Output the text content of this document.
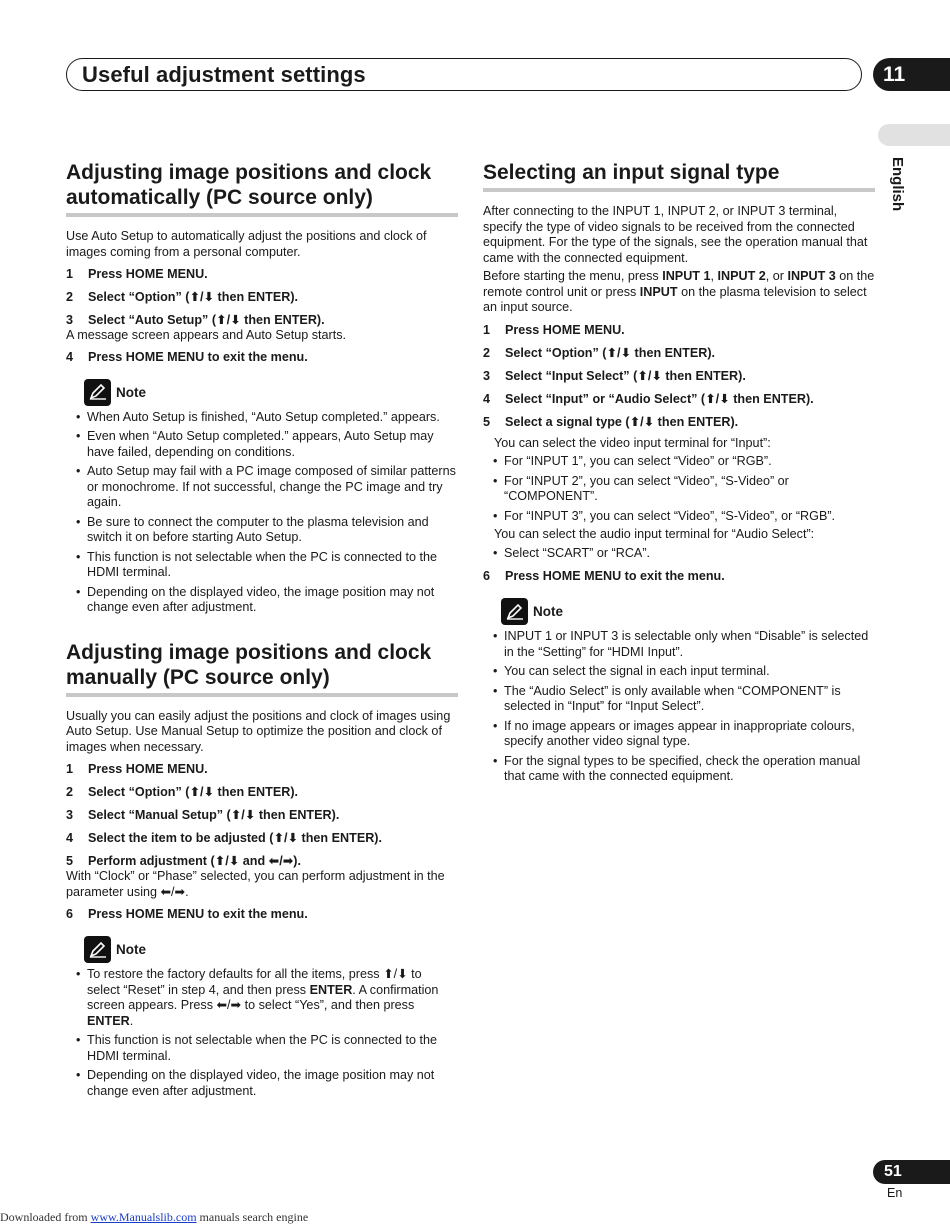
Useful adjustment settings	11
English
Adjusting image positions and clock automatically (PC source only)

Use Auto Setup to automatically adjust the positions and clock of images coming from a personal computer.

1	Press HOME MENU.
2	Select “Option” (⬆/⬇ then ENTER).
3	Select “Auto Setup” (⬆/⬇ then ENTER).

A message screen appears and Auto Setup starts.

4	Press HOME MENU to exit the menu.
Note
• When Auto Setup is finished, “Auto Setup completed.” appears.
• Even when “Auto Setup completed.” appears, Auto Setup may have failed, depending on conditions.
• Auto Setup may fail with a PC image composed of similar patterns or monochrome. If not successful, change the PC image and try again.
• Be sure to connect the computer to the plasma television and switch it on before starting Auto Setup.
• This function is not selectable when the PC is connected to the HDMI terminal.
• Depending on the displayed video, the image position may not change even after adjustment.
Adjusting image positions and clock manually (PC source only)

Usually you can easily adjust the positions and clock of images using Auto Setup. Use Manual Setup to optimize the position and clock of images when necessary.

1	Press HOME MENU.
2	Select “Option” (⬆/⬇ then ENTER).
3	Select “Manual Setup” (⬆/⬇ then ENTER).
4	Select the item to be adjusted (⬆/⬇ then ENTER).
5	Perform adjustment (⬆/⬇ and ⬅/➡).

With “Clock” or “Phase” selected, you can perform adjustment in the parameter using ⬅/➡.

6	Press HOME MENU to exit the menu.
Note
• To restore the factory defaults for all the items, press ⬆/⬇ to select “Reset” in step 4, and then press ENTER. A confirmation screen appears. Press ⬅/➡ to select “Yes”, and then press ENTER.
• This function is not selectable when the PC is connected to the HDMI terminal.
• Depending on the displayed video, the image position may not change even after adjustment.
Selecting an input signal type

After connecting to the INPUT 1, INPUT 2, or INPUT 3 terminal, specify the type of video signals to be received from the connected equipment. For the type of the signals, see the operation manual that came with the connected equipment.

Before starting the menu, press INPUT 1, INPUT 2, or INPUT 3 on the remote control unit or press INPUT on the plasma television to select an input source.

1	Press HOME MENU.
2	Select “Option” (⬆/⬇ then ENTER).
3	Select “Input Select” (⬆/⬇ then ENTER).
4	Select “Input” or “Audio Select” (⬆/⬇ then ENTER).
5	Select a signal type (⬆/⬇ then ENTER).

You can select the video input terminal for “Input”:

• For “INPUT 1”, you can select “Video” or “RGB”.
• For “INPUT 2”, you can select “Video”, “S-Video” or “COMPONENT”.
• For “INPUT 3”, you can select “Video”, “S-Video”, or “RGB”.

You can select the audio input terminal for “Audio Select”:

• Select “SCART” or “RCA”.
6	Press HOME MENU to exit the menu.
Note
• INPUT 1 or INPUT 3 is selectable only when “Disable” is selected in the “Setting” for “HDMI Input”.
• You can select the signal in each input terminal.
• The “Audio Select” is only available when “COMPONENT” is selected in “Input” for “Input Select”.
• If no image appears or images appear in inappropriate colours, specify another video signal type.
• For the signal types to be specified, check the operation manual that came with the connected equipment.
51
En
Downloaded from www.Manualslib.com manuals search engine
